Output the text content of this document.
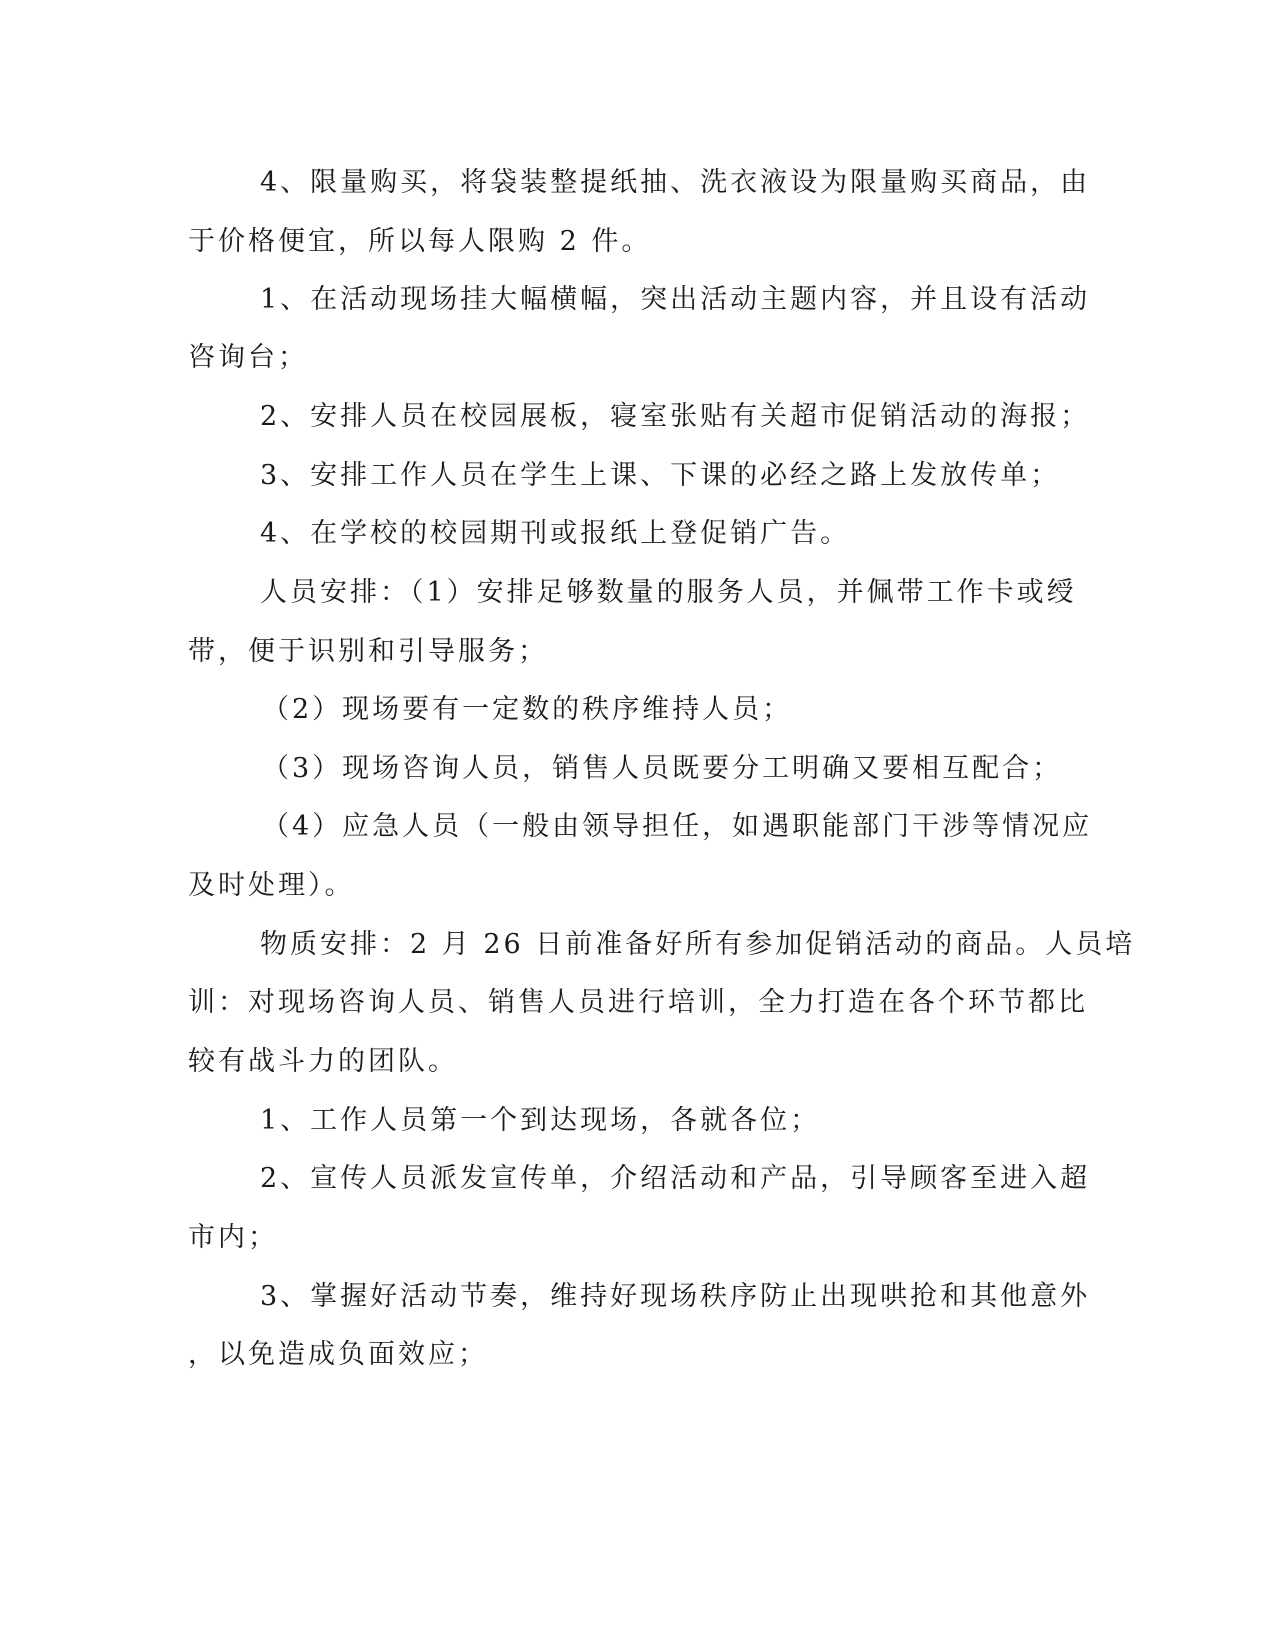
4、限量购买，将袋装整提纸抽、洗衣液设为限量购买商品，由
于价格便宜，所以每人限购 2 件。
1、在活动现场挂大幅横幅，突出活动主题内容，并且设有活动
咨询台；
2、安排人员在校园展板，寝室张贴有关超市促销活动的海报；
3、安排工作人员在学生上课、下课的必经之路上发放传单；
4、在学校的校园期刊或报纸上登促销广告。
人员安排：（1）安排足够数量的服务人员，并佩带工作卡或绶
带，便于识别和引导服务；
（2）现场要有一定数的秩序维持人员；
（3）现场咨询人员，销售人员既要分工明确又要相互配合；
（4）应急人员（一般由领导担任，如遇职能部门干涉等情况应
及时处理）。
物质安排：2 月 26 日前准备好所有参加促销活动的商品。人员培
训：对现场咨询人员、销售人员进行培训，全力打造在各个环节都比
较有战斗力的团队。
1、工作人员第一个到达现场，各就各位；
2、宣传人员派发宣传单，介绍活动和产品，引导顾客至进入超
市内；
3、掌握好活动节奏，维持好现场秩序防止出现哄抢和其他意外
，以免造成负面效应；
